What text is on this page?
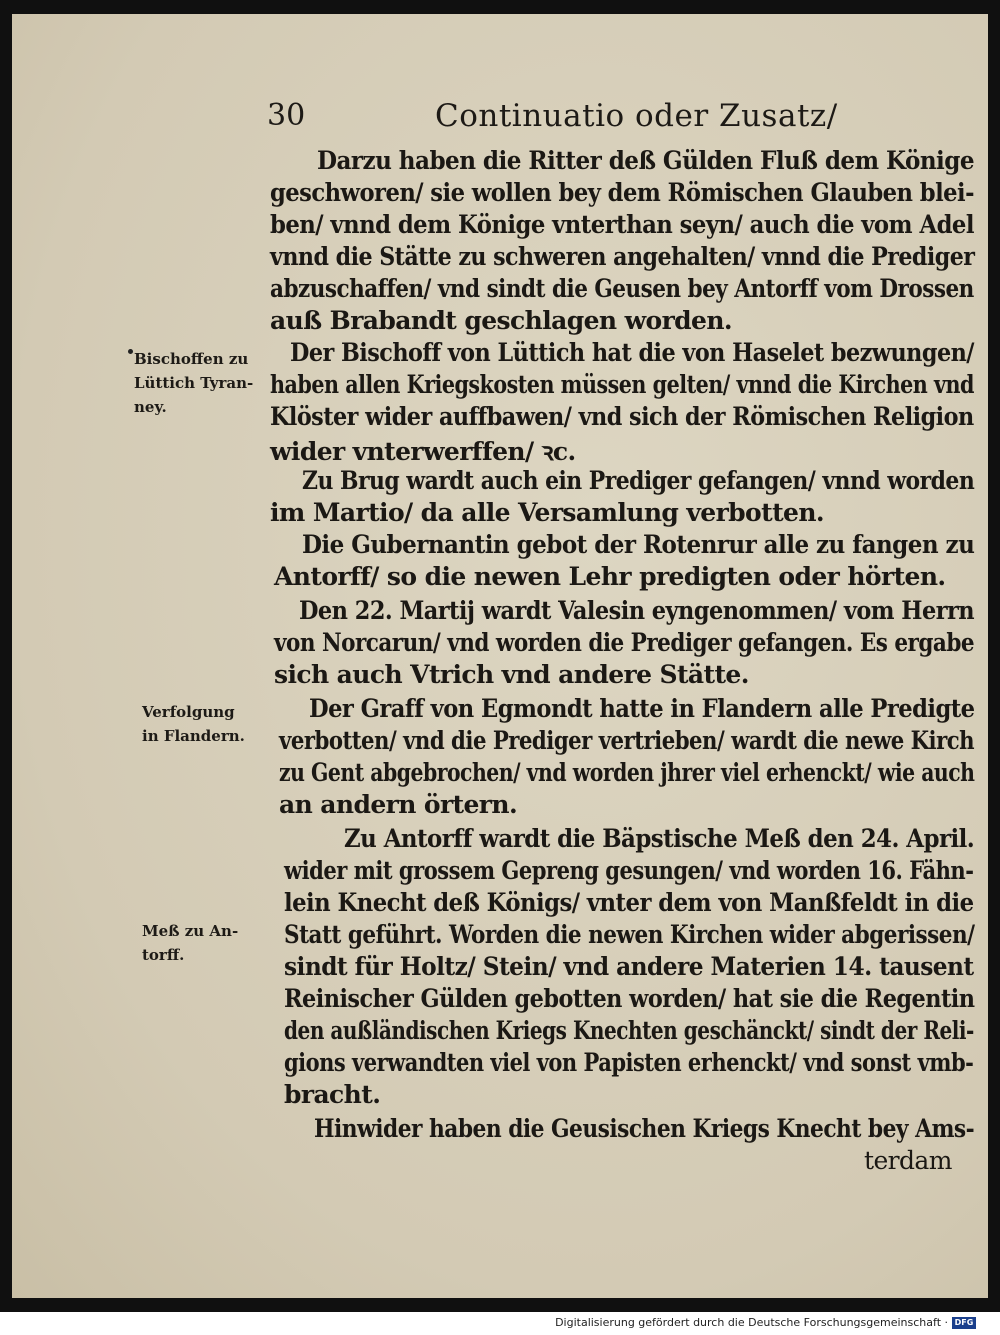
30	Continuatio oder Zusatz/
Bischoffen zu
Lüttich Tyran-
ney.
Verfolgung
in Flandern.
Meß zu An-
torff.
Darzu haben die Ritter deß Gülden Fluß dem Könige
geschworen/ sie wollen bey dem Römischen Glauben blei-
ben/ vnnd dem Könige vnterthan seyn/ auch die vom Adel
vnnd die Stätte zu schweren angehalten/ vnnd die Prediger
abzuschaffen/ vnd sindt die Geusen bey Antorff vom Drossen
auß Brabandt geschlagen worden.
Der Bischoff von Lüttich hat die von Haselet bezwungen/
haben allen Kriegskosten müssen gelten/ vnnd die Kirchen vnd
Klöster wider auffbawen/ vnd sich der Römischen Religion
wider vnterwerffen/ ꝛc.
Zu Brug wardt auch ein Prediger gefangen/ vnnd worden
im Martio/ da alle Versamlung verbotten.
Die Gubernantin gebot der Rotenrur alle zu fangen zu
Antorff/ so die newen Lehr predigten oder hörten.
Den 22. Martij wardt Valesin eyngenommen/ vom Herrn
von Norcarun/ vnd worden die Prediger gefangen. Es ergabe
sich auch Vtrich vnd andere Stätte.
Der Graff von Egmondt hatte in Flandern alle Predigte
verbotten/ vnd die Prediger vertrieben/ wardt die newe Kirch
zu Gent abgebrochen/ vnd worden jhrer viel erhenckt/ wie auch
an andern örtern.
Zu Antorff wardt die Bäpstische Meß den 24. April.
wider mit grossem Gepreng gesungen/ vnd worden 16. Fähn-
lein Knecht deß Königs/ vnter dem von Manßfeldt in die
Statt geführt. Worden die newen Kirchen wider abgerissen/
sindt für Holtz/ Stein/ vnd andere Materien 14. tausent
Reinischer Gülden gebotten worden/ hat sie die Regentin
den außländischen Kriegs Knechten geschänckt/ sindt der Reli-
gions verwandten viel von Papisten erhenckt/ vnd sonst vmb-
bracht.
Hinwider haben die Geusischen Kriegs Knecht bey Ams-
terdam
Digitalisierung gefördert durch die Deutsche Forschungsgemeinschaft · DFG
